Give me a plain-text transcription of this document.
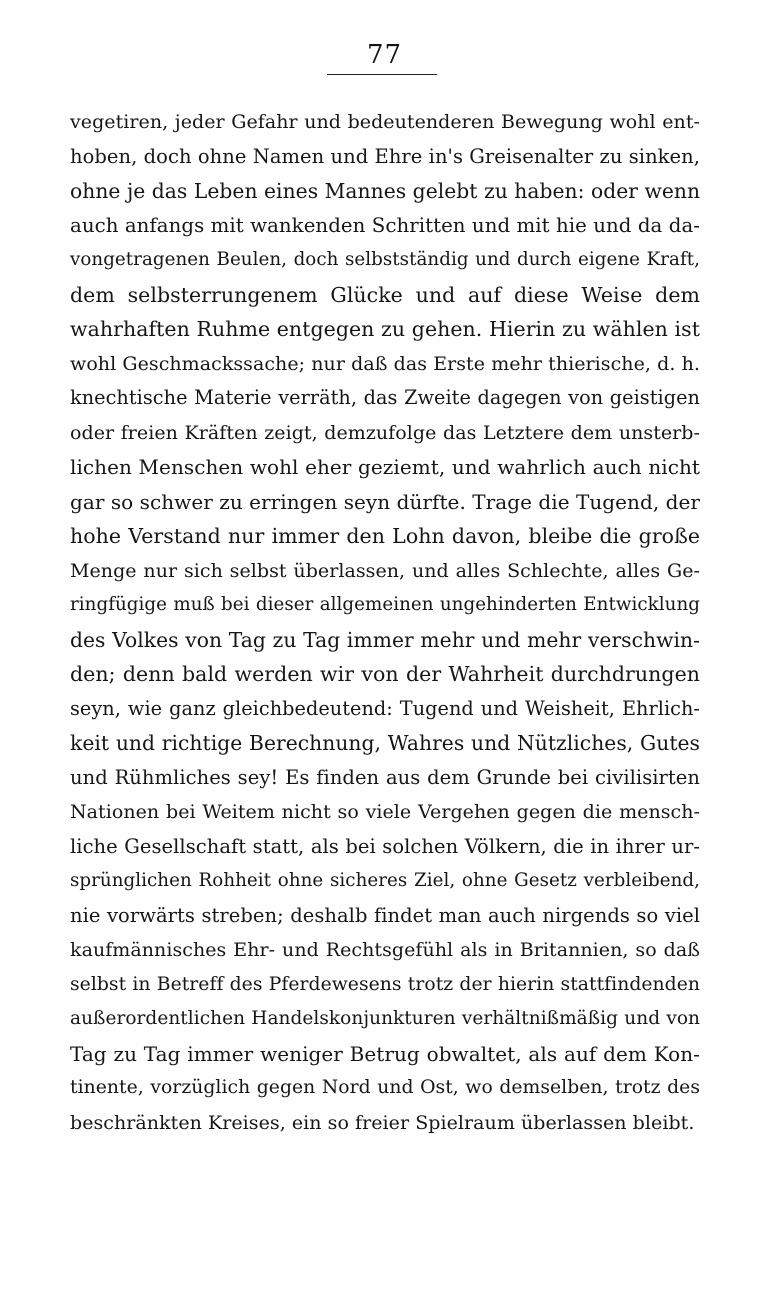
77
vegetiren, jeder Gefahr und bedeutenderen Bewegung wohl ent-
hoben, doch ohne Namen und Ehre in's Greisenalter zu sinken,
ohne je das Leben eines Mannes gelebt zu haben: oder wenn
auch anfangs mit wankenden Schritten und mit hie und da da-
vongetragenen Beulen, doch selbstständig und durch eigene Kraft,
dem selbsterrungenem Glücke und auf diese Weise dem
wahrhaften Ruhme entgegen zu gehen. Hierin zu wählen ist
wohl Geschmackssache; nur daß das Erste mehr thierische, d. h.
knechtische Materie verräth, das Zweite dagegen von geistigen
oder freien Kräften zeigt, demzufolge das Letztere dem unsterb-
lichen Menschen wohl eher geziemt, und wahrlich auch nicht
gar so schwer zu erringen seyn dürfte. Trage die Tugend, der
hohe Verstand nur immer den Lohn davon, bleibe die große
Menge nur sich selbst überlassen, und alles Schlechte, alles Ge-
ringfügige muß bei dieser allgemeinen ungehinderten Entwicklung
des Volkes von Tag zu Tag immer mehr und mehr verschwin-
den; denn bald werden wir von der Wahrheit durchdrungen
seyn, wie ganz gleichbedeutend: Tugend und Weisheit, Ehrlich-
keit und richtige Berechnung, Wahres und Nützliches, Gutes
und Rühmliches sey! Es finden aus dem Grunde bei civilisirten
Nationen bei Weitem nicht so viele Vergehen gegen die mensch-
liche Gesellschaft statt, als bei solchen Völkern, die in ihrer ur-
sprünglichen Rohheit ohne sicheres Ziel, ohne Gesetz verbleibend,
nie vorwärts streben; deshalb findet man auch nirgends so viel
kaufmännisches Ehr- und Rechtsgefühl als in Britannien, so daß
selbst in Betreff des Pferdewesens trotz der hierin stattfindenden
außerordentlichen Handelskonjunkturen verhältnißmäßig und von
Tag zu Tag immer weniger Betrug obwaltet, als auf dem Kon-
tinente, vorzüglich gegen Nord und Ost, wo demselben, trotz des
beschränkten Kreises, ein so freier Spielraum überlassen bleibt.
